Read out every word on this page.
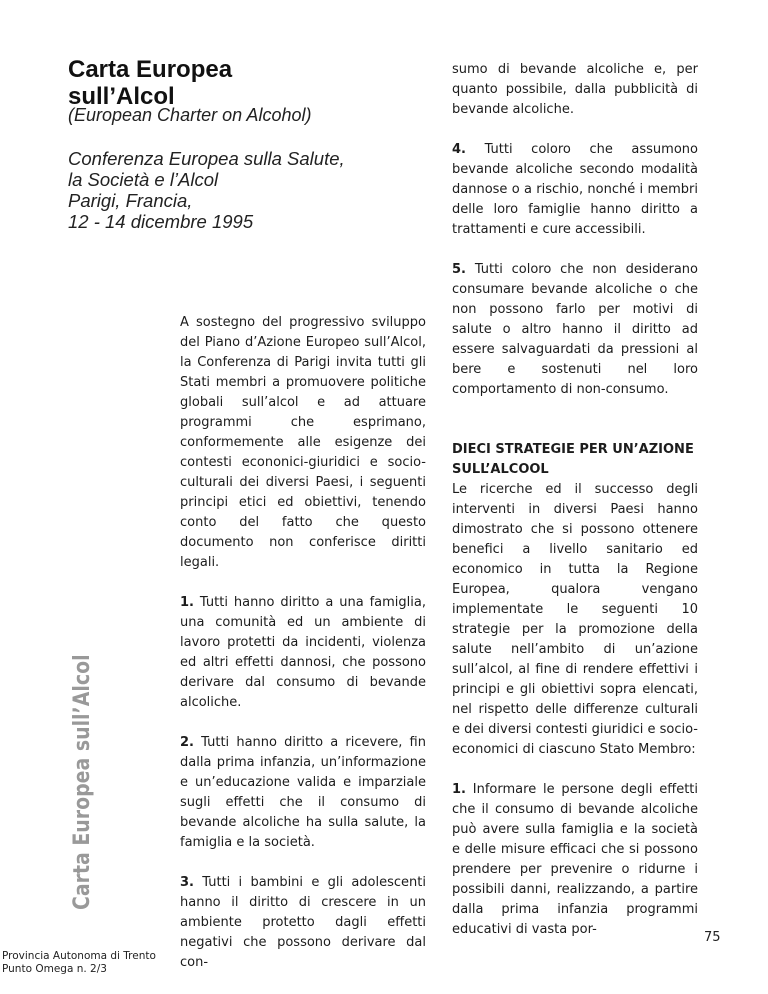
Carta Europea
sull’Alcol
(European Charter on Alcohol)
Conferenza Europea sulla Salute,
la Società e l’Alcol
Parigi, Francia,
12 - 14 dicembre 1995
Carta Europea sull’Alcol

A sostegno del progressivo sviluppo del Piano d’Azione Europeo sull’Alcol, la Conferenza di Parigi invita tutti gli Stati membri a promuovere politiche globali sull’alcol e ad attuare programmi che esprimano, conformemente alle esigenze dei contesti econonici-giuridici e socio-culturali dei diversi Paesi, i seguenti principi etici ed obiettivi, tenendo conto del fatto che questo documento non conferisce diritti legali.

1. Tutti hanno diritto a una famiglia, una comunità ed un ambiente di lavoro protetti da incidenti, violenza ed altri effetti dannosi, che possono derivare dal consumo di bevande alcoliche.

2. Tutti hanno diritto a ricevere, fin dalla prima infanzia, un’informazione e un’educazione valida e imparziale sugli effetti che il consumo di bevande alcoliche ha sulla salute, la famiglia e la società.

3. Tutti i bambini e gli adolescenti hanno il diritto di crescere in un ambiente protetto dagli effetti negativi che possono derivare dal con-

sumo di bevande alcoliche e, per quanto possibile, dalla pubblicità di bevande alcoliche.

4. Tutti coloro che assumono bevande alcoliche secondo modalità dannose o a rischio, nonché i membri delle loro famiglie hanno diritto a trattamenti e cure accessibili.

5. Tutti coloro che non desiderano consumare bevande alcoliche o che non possono farlo per motivi di salute o altro hanno il diritto ad essere salvaguardati da pressioni al bere e sostenuti nel loro comportamento di non-consumo.

DIECI STRATEGIE PER UN’AZIONE SULL’ALCOOL

Le ricerche ed il successo degli interventi in diversi Paesi hanno dimostrato che si possono ottenere benefici a livello sanitario ed economico in tutta la Regione Europea, qualora vengano implementate le seguenti 10 strategie per la promozione della salute nell’ambito di un’azione sull’alcol, al fine di rendere effettivi i principi e gli obiettivi sopra elencati, nel rispetto delle differenze culturali e dei diversi contesti giuridici e socio-economici di ciascuno Stato Membro:

1. Informare le persone degli effetti che il consumo di bevande alcoliche può avere sulla famiglia e la società e delle misure efficaci che si possono prendere per prevenire o ridurne i possibili danni, realizzando, a partire dalla prima infanzia programmi educativi di vasta por-

Provincia Autonoma di Trento
Punto Omega n. 2/3
75
